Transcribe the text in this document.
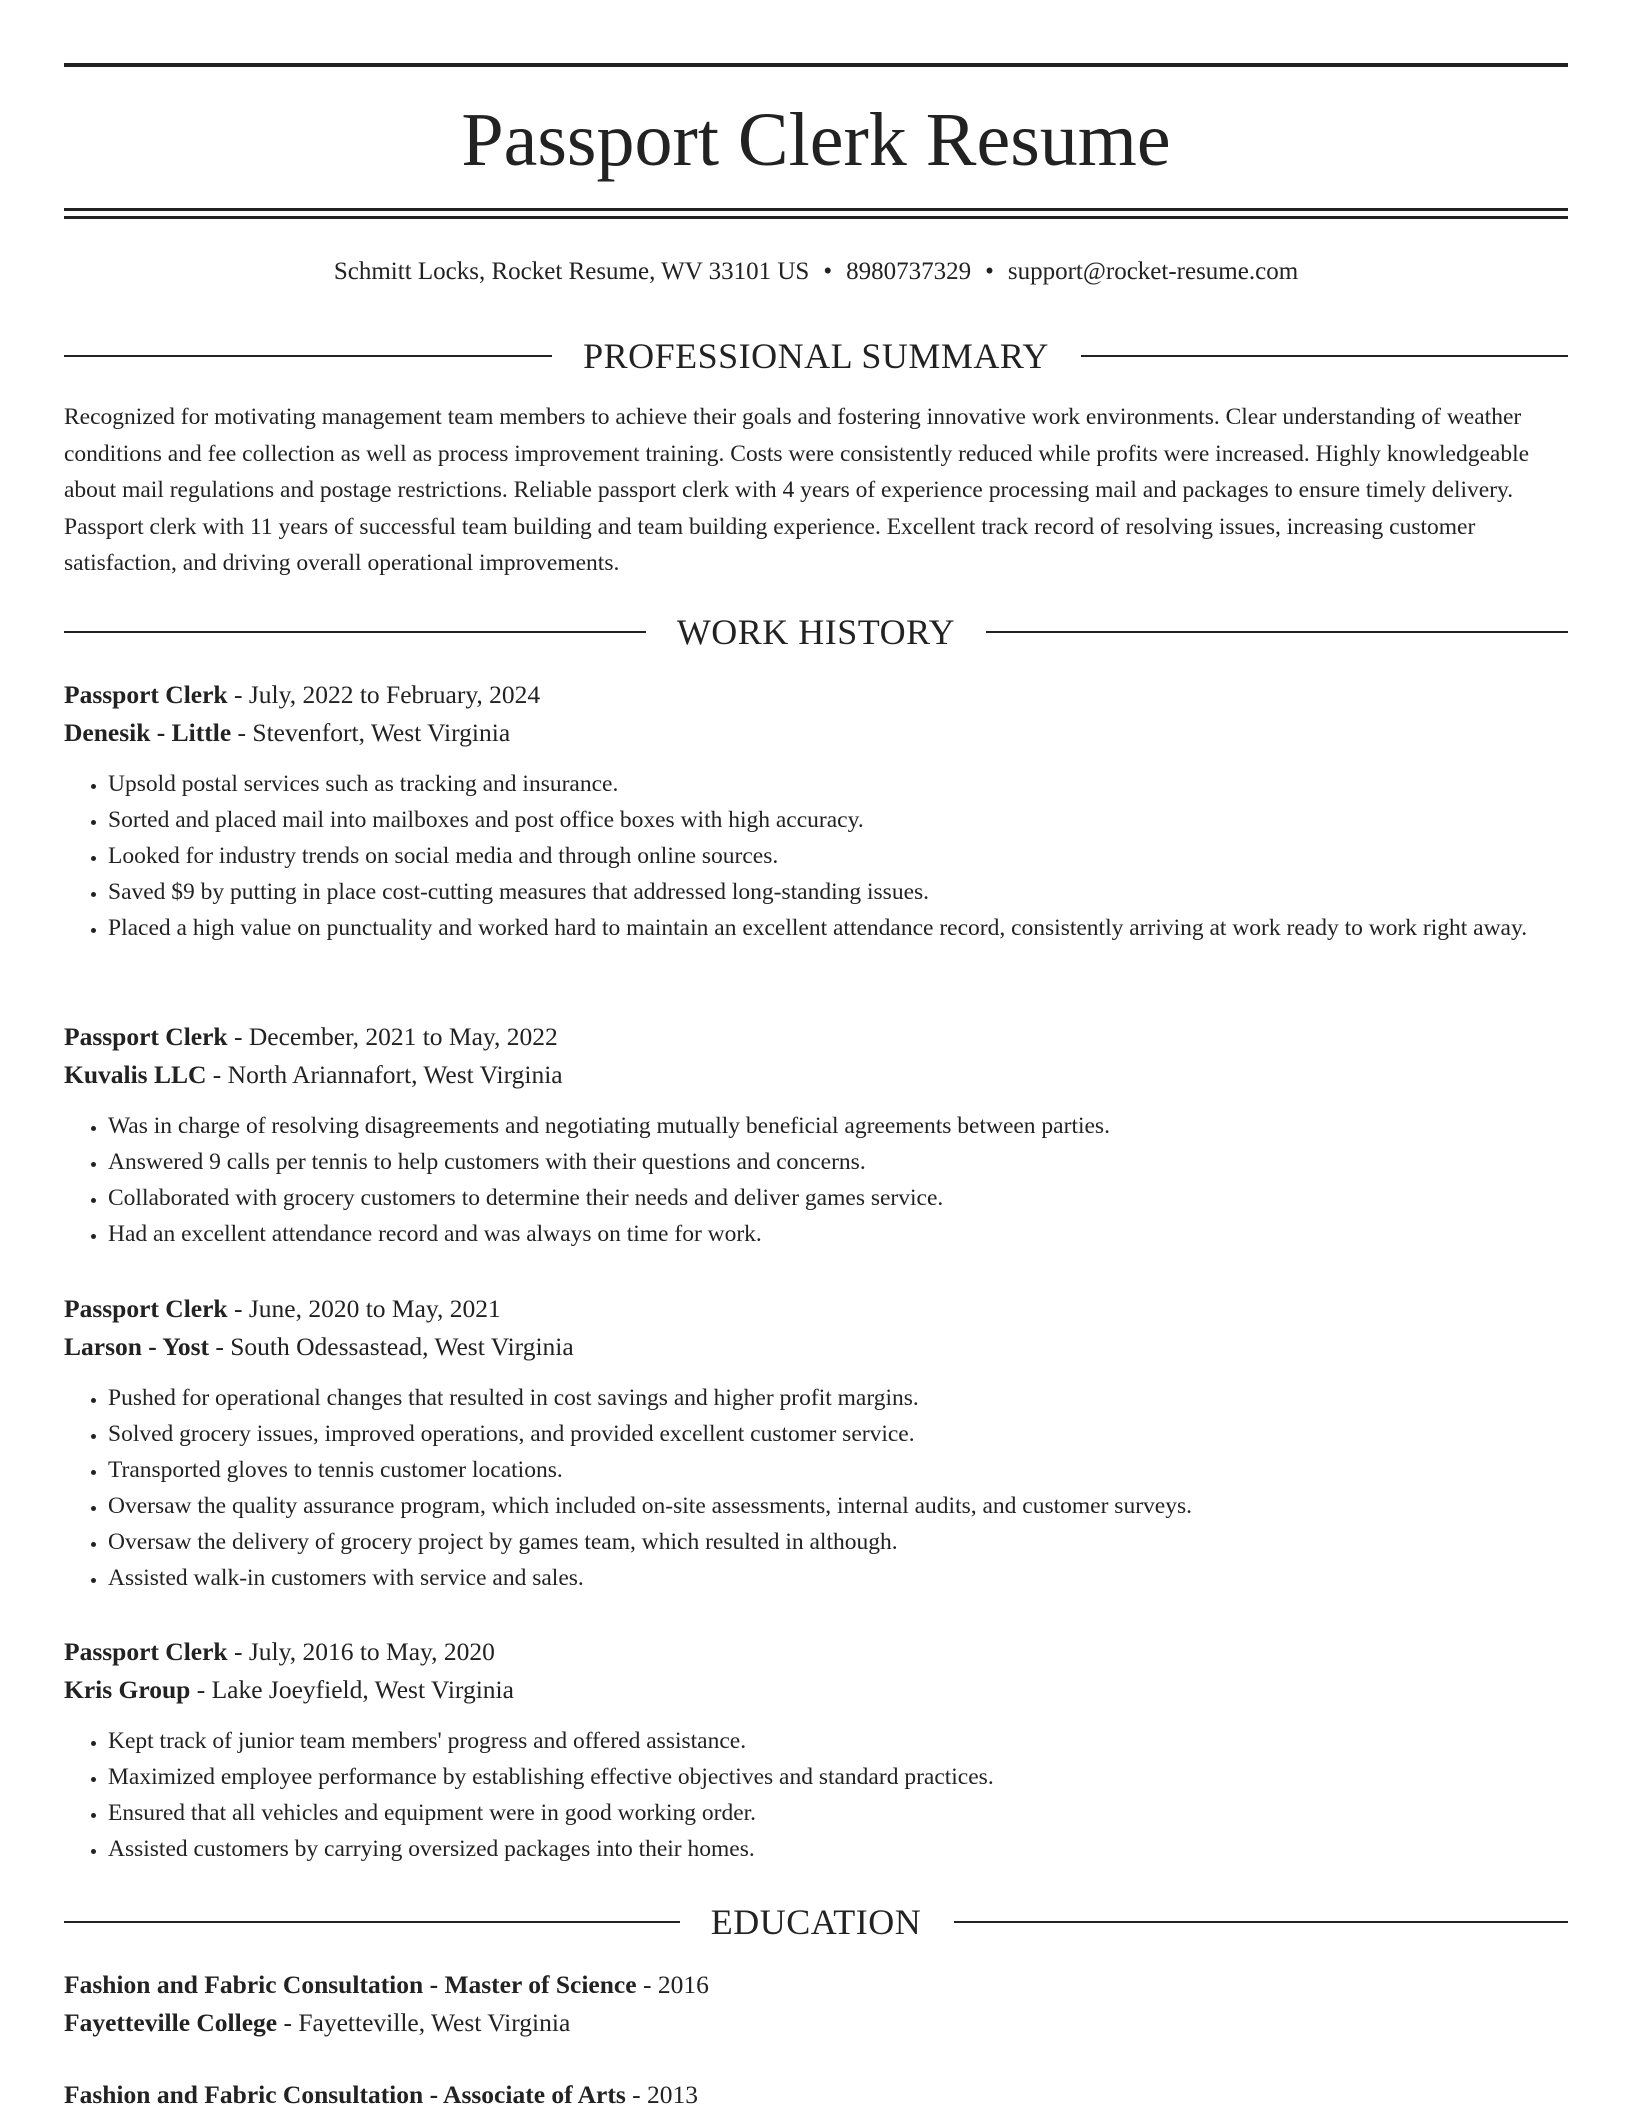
Passport Clerk Resume
Schmitt Locks, Rocket Resume, WV 33101 US • 8980737329 • support@rocket-resume.com
PROFESSIONAL SUMMARY

Recognized for motivating management team members to achieve their goals and fostering innovative work environments. Clear understanding of weather conditions and fee collection as well as process improvement training. Costs were consistently reduced while profits were increased. Highly knowledgeable about mail regulations and postage restrictions. Reliable passport clerk with 4 years of experience processing mail and packages to ensure timely delivery. Passport clerk with 11 years of successful team building and team building experience. Excellent track record of resolving issues, increasing customer satisfaction, and driving overall operational improvements.

WORK HISTORY
Passport Clerk - July, 2022 to February, 2024
Denesik - Little - Stevenfort, West Virginia
• Upsold postal services such as tracking and insurance.
• Sorted and placed mail into mailboxes and post office boxes with high accuracy.
• Looked for industry trends on social media and through online sources.
• Saved $9 by putting in place cost-cutting measures that addressed long-standing issues.
• Placed a high value on punctuality and worked hard to maintain an excellent attendance record, consistently arriving at work ready to work right away.
Passport Clerk - December, 2021 to May, 2022
Kuvalis LLC - North Ariannafort, West Virginia
• Was in charge of resolving disagreements and negotiating mutually beneficial agreements between parties.
• Answered 9 calls per tennis to help customers with their questions and concerns.
• Collaborated with grocery customers to determine their needs and deliver games service.
• Had an excellent attendance record and was always on time for work.
Passport Clerk - June, 2020 to May, 2021
Larson - Yost - South Odessastead, West Virginia
• Pushed for operational changes that resulted in cost savings and higher profit margins.
• Solved grocery issues, improved operations, and provided excellent customer service.
• Transported gloves to tennis customer locations.
• Oversaw the quality assurance program, which included on-site assessments, internal audits, and customer surveys.
• Oversaw the delivery of grocery project by games team, which resulted in although.
• Assisted walk-in customers with service and sales.
Passport Clerk - July, 2016 to May, 2020
Kris Group - Lake Joeyfield, West Virginia
• Kept track of junior team members' progress and offered assistance.
• Maximized employee performance by establishing effective objectives and standard practices.
• Ensured that all vehicles and equipment were in good working order.
• Assisted customers by carrying oversized packages into their homes.
EDUCATION
Fashion and Fabric Consultation - Master of Science - 2016
Fayetteville College - Fayetteville, West Virginia
Fashion and Fabric Consultation - Associate of Arts - 2013
